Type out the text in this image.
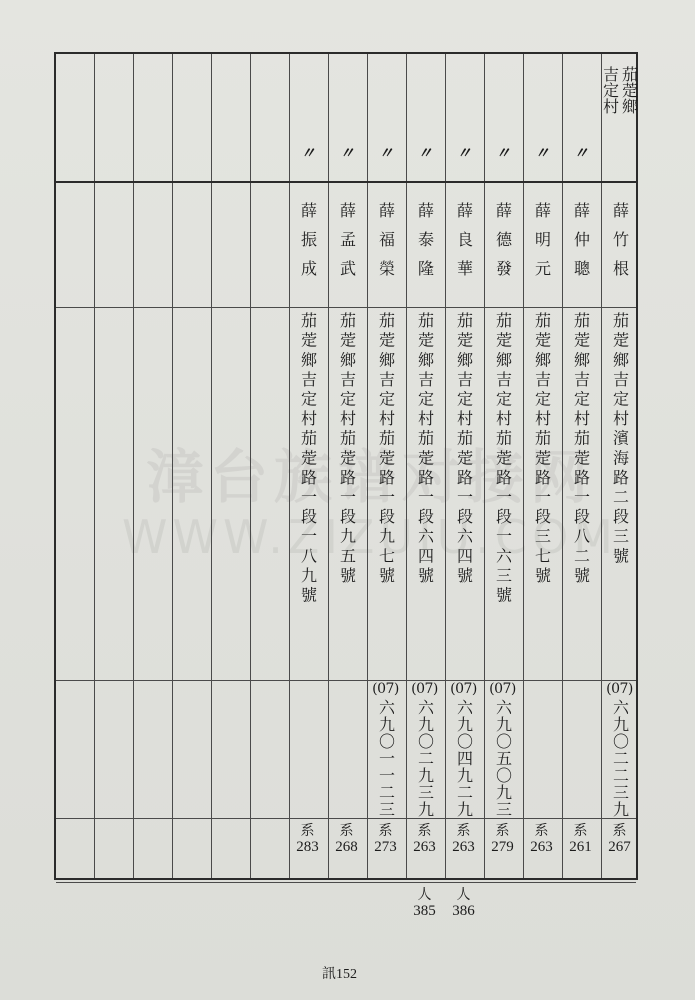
漳台族谱对接网
WWW.ZIZUIU.COM
茄萣鄉
吉定村
薛竹根
茄萣鄉吉定村濱海路二段三號
(07)
六九〇二二三九
系
267
〃
薛仲聰
茄萣鄉吉定村茄萣路一段八二號
系
261
〃
薛明元
茄萣鄉吉定村茄萣路一段三七號
系
263
〃
薛德發
茄萣鄉吉定村茄萣路一段一六三號
(07)
六九〇五〇九三
系
279
〃
薛良華
茄萣鄉吉定村茄萣路一段六四號
(07)
六九〇四九二九
系
263
人
386
〃
薛泰隆
茄萣鄉吉定村茄萣路一段六四號
(07)
六九〇二九三九
系
263
人
385
〃
薛福榮
茄萣鄉吉定村茄萣路一段九七號
(07)
六九〇一一二三
系
273
〃
薛孟武
茄萣鄉吉定村茄萣路一段九五號
系
268
〃
薛振成
茄萣鄉吉定村茄萣路一段一八九號
系
283
訊152
